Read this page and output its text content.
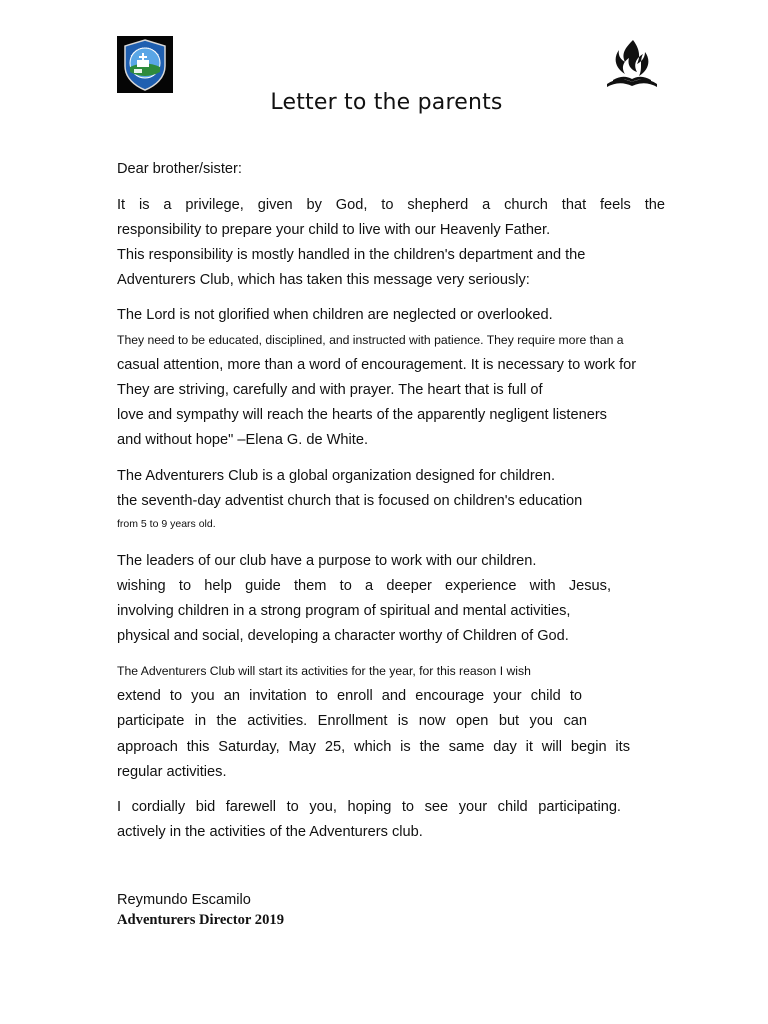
Letter to the parents
Dear brother/sister:
It is a privilege, given by God, to shepherd a church that feels the
responsibility to prepare your child to live with our Heavenly Father.
This responsibility is mostly handled in the children's department and the
Adventurers Club, which has taken this message very seriously:
The Lord is not glorified when children are neglected or overlooked.
They need to be educated, disciplined, and instructed with patience. They require more than a
casual attention, more than a word of encouragement. It is necessary to work for
They are striving, carefully and with prayer. The heart that is full of
love and sympathy will reach the hearts of the apparently negligent listeners
and without hope" –Elena G. de White.
The Adventurers Club is a global organization designed for children.
the seventh-day adventist church that is focused on children's education
from 5 to 9 years old.
The leaders of our club have a purpose to work with our children.
wishing to help guide them to a deeper experience with Jesus,
involving children in a strong program of spiritual and mental activities,
physical and social, developing a character worthy of Children of God.
The Adventurers Club will start its activities for the year, for this reason I wish
extend to you an invitation to enroll and encourage your child to
participate in the activities. Enrollment is now open but you can
approach this Saturday, May 25, which is the same day it will begin its
regular activities.
I cordially bid farewell to you, hoping to see your child participating.
actively in the activities of the Adventurers club.
Reymundo Escamilo
Adventurers Director 2019
